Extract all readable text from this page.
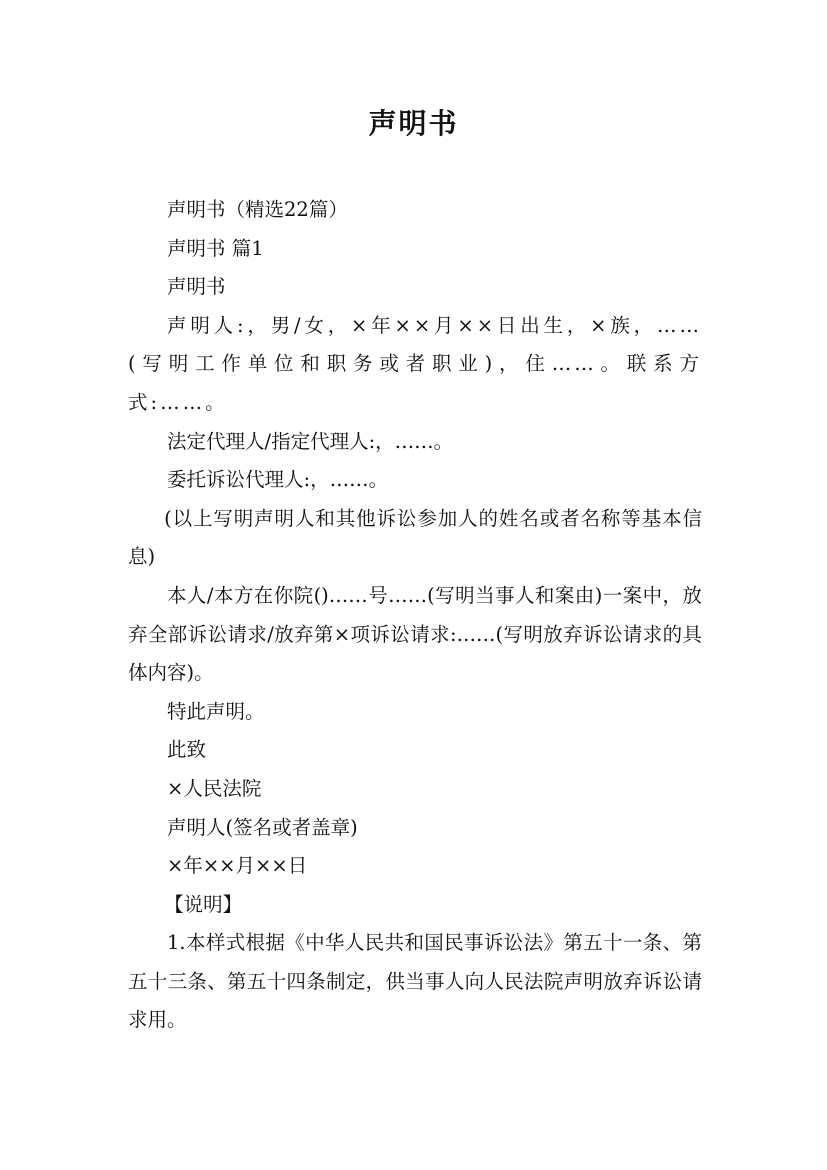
声明书

声明书（精选22篇）

声明书 篇1

声明书

声明人:，男/女，×年××月××日出生，×族，……(写明工作单位和职务或者职业)，住……。联系方式:……。

法定代理人/指定代理人:，……。

委托诉讼代理人:，……。

(以上写明声明人和其他诉讼参加人的姓名或者名称等基本信息)

本人/本方在你院()……号……(写明当事人和案由)一案中，放弃全部诉讼请求/放弃第×项诉讼请求:……(写明放弃诉讼请求的具体内容)。

特此声明。

此致

×人民法院

声明人(签名或者盖章)

×年××月××日

【说明】

1.本样式根据《中华人民共和国民事诉讼法》第五十一条、第五十三条、第五十四条制定，供当事人向人民法院声明放弃诉讼请求用。
